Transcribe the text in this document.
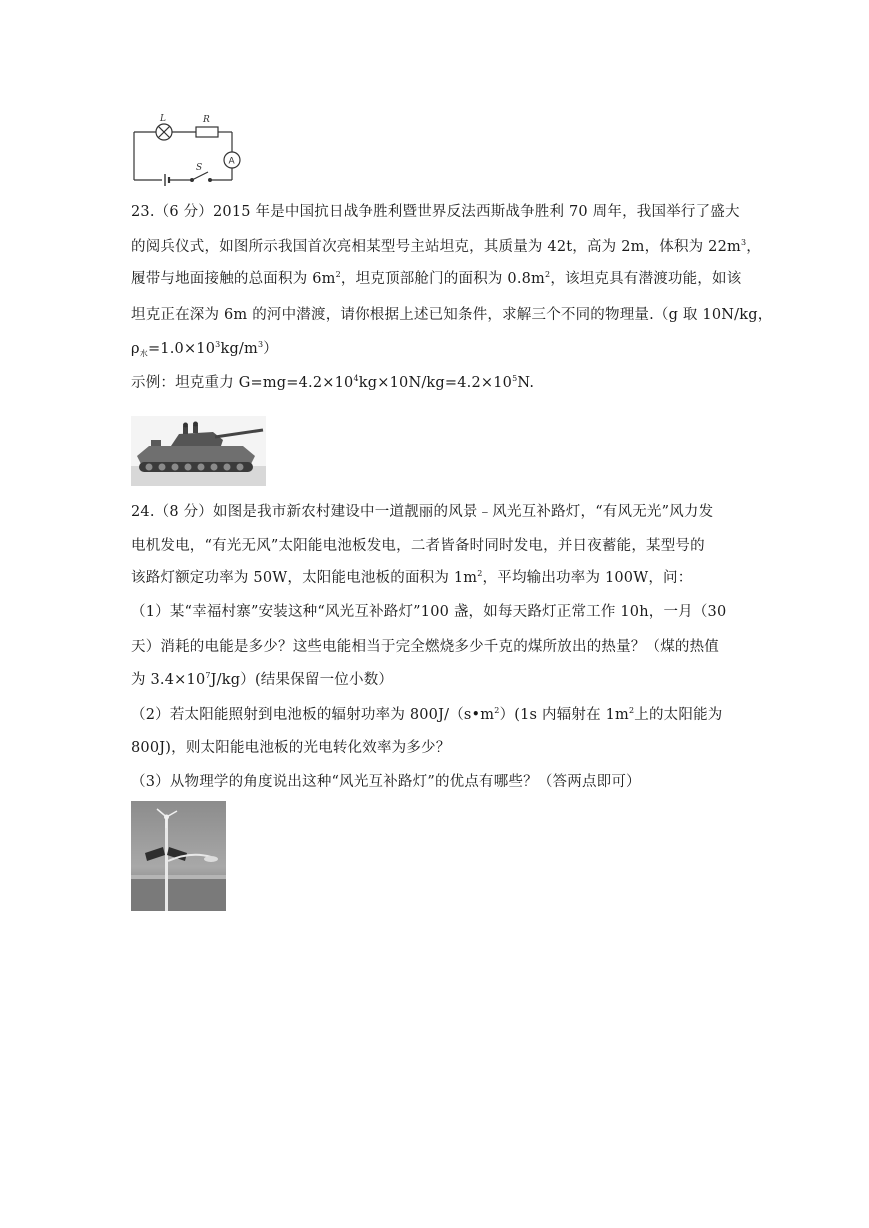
L	R
S
A
23.（6 分）2015 年是中国抗日战争胜利暨世界反法西斯战争胜利 70 周年，我国举行了盛大
的阅兵仪式，如图所示我国首次亮相某型号主站坦克，其质量为 42t，高为 2m，体积为 $22m^3$，
履带与地面接触的总面积为 $6m^2$，坦克顶部舱门的面积为 $0.8m^2$，该坦克具有潜渡功能，如该
坦克正在深为 6m 的河中潜渡，请你根据上述已知条件，求解三个不同的物理量.（g 取 10N/kg，
$\rho_水=1.0\times 10^3kg/m^3$）
示例：坦克重力 $G=mg=4.2\times 10^4kg\times 10N/kg=4.2\times 10^5N$.
24.（8 分）如图是我市新农村建设中一道靓丽的风景﹣风光互补路灯，“有风无光”风力发
电机发电，“有光无风”太阳能电池板发电，二者皆备时同时发电，并日夜蓄能，某型号的
该路灯额定功率为 50W，太阳能电池板的面积为 $1m^2$，平均输出功率为 100W，问：
（1）某“幸福村寨”安装这种“风光互补路灯”100 盏，如每天路灯正常工作 10h，一月（30
天）消耗的电能是多少？这些电能相当于完全燃烧多少千克的煤所放出的热量？（煤的热值
为 $3.4\times 10^7J/kg$）(结果保留一位小数）
（2）若太阳能照射到电池板的辐射功率为 $800J/(s•m^2)(1s$ 内辐射在 $1m^2$上的太阳能为
800J)，则太阳能电池板的光电转化效率为多少？
（3）从物理学的角度说出这种“风光互补路灯”的优点有哪些？（答两点即可）
